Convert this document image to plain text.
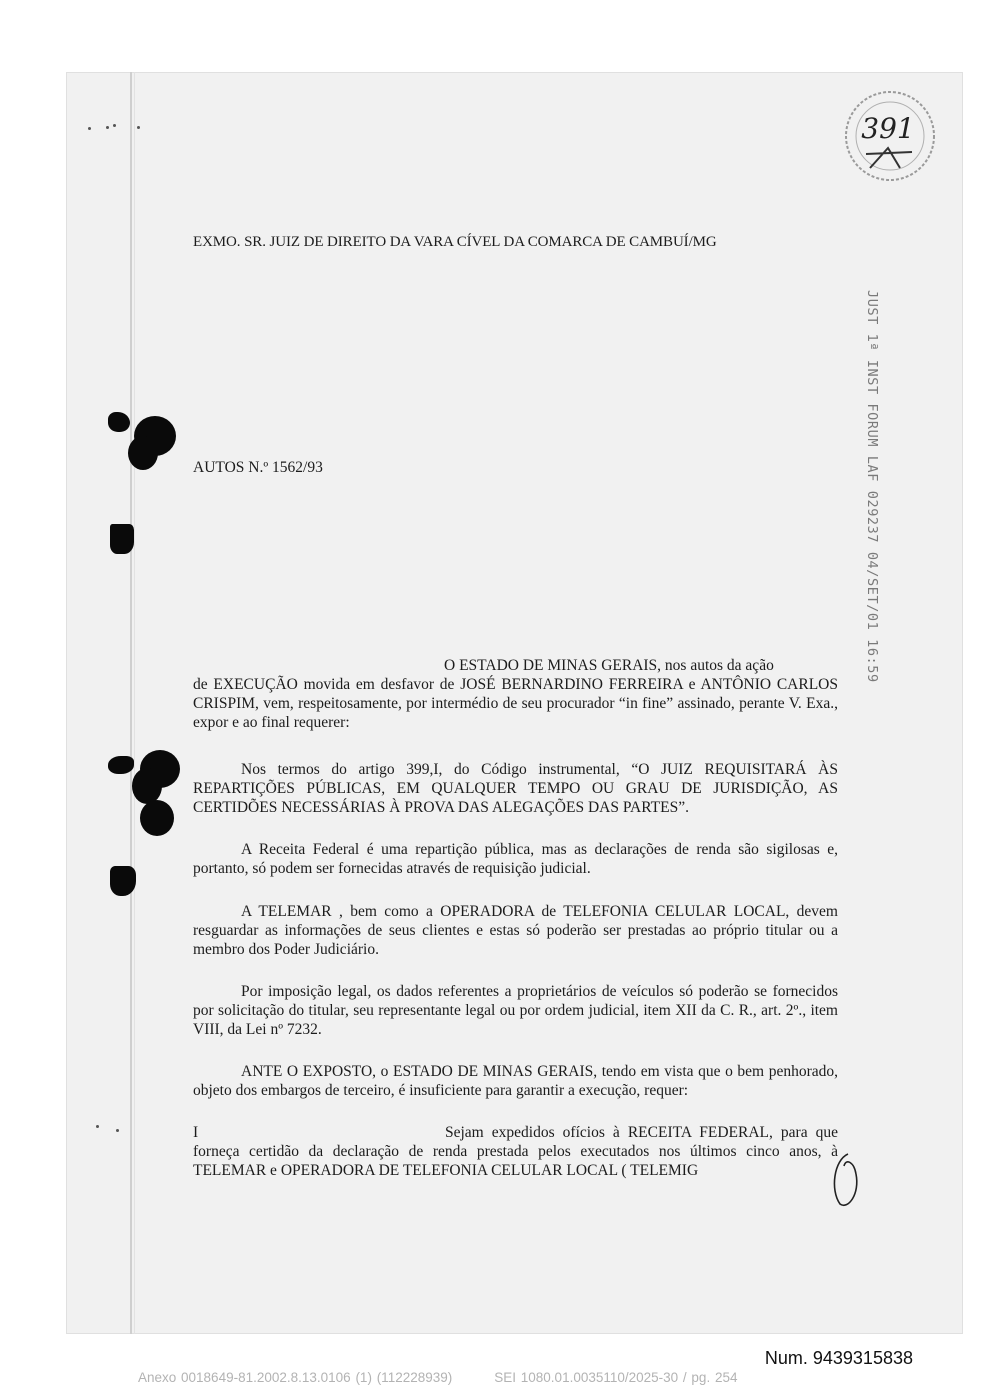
391
JUST 1ª INST FORUM LAF 029237 04/SET/01 16:59
EXMO. SR. JUIZ DE DIREITO DA VARA CÍVEL DA COMARCA DE CAMBUÍ/MG
AUTOS N.º 1562/93
O ESTADO DE MINAS GERAIS, nos autos da ação
de EXECUÇÃO movida em desfavor de JOSÉ BERNARDINO FERREIRA e ANTÔNIO CARLOS CRISPIM, vem, respeitosamente, por intermédio de seu procurador “in fine” assinado, perante V. Exa., expor e ao final requerer:
Nos termos do artigo 399,I, do Código instrumental, “O JUIZ REQUISITARÁ ÀS REPARTIÇÕES PÚBLICAS, EM QUALQUER TEMPO OU GRAU DE JURISDIÇÃO, AS CERTIDÕES NECESSÁRIAS À PROVA DAS ALEGAÇÕES DAS PARTES”.
A Receita Federal é uma repartição pública, mas as declarações de renda são sigilosas e, portanto, só podem ser fornecidas através de requisição judicial.
A TELEMAR , bem como a OPERADORA de TELEFONIA CELULAR LOCAL, devem resguardar as informações de seus clientes e estas só poderão ser prestadas ao próprio titular ou a membro dos Poder Judiciário.
Por imposição legal, os dados referentes a proprietários de veículos só poderão se fornecidos por solicitação do titular, seu representante legal ou por ordem judicial, item XII da C. R., art. 2º., item VIII, da Lei nº 7232.
ANTE O EXPOSTO, o ESTADO DE MINAS GERAIS, tendo em vista que o bem penhorado, objeto dos embargos de terceiro, é insuficiente para garantir a execução, requer:
I	Sejam expedidos ofícios à RECEITA FEDERAL, para que forneça certidão da declaração de renda prestada pelos executados nos últimos cinco anos, à TELEMAR e OPERADORA DE TELEFONIA CELULAR LOCAL ( TELEMIG
Num. 9439315838
Anexo 0018649-81.2002.8.13.0106 (1) (112228939)	SEI 1080.01.0035110/2025-30 / pg. 254
